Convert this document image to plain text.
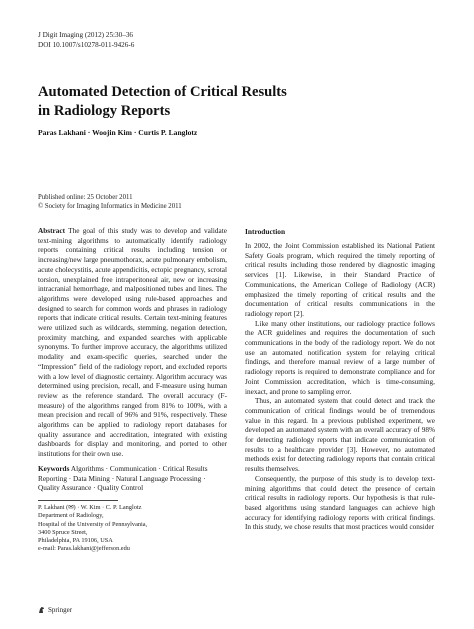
J Digit Imaging (2012) 25:30–36
DOI 10.1007/s10278-011-9426-6
Automated Detection of Critical Results
in Radiology Reports
Paras Lakhani · Woojin Kim · Curtis P. Langlotz
Published online: 25 October 2011
© Society for Imaging Informatics in Medicine 2011

Abstract The goal of this study was to develop and validate text-mining algorithms to automatically identify radiology reports containing critical results including tension or increasing/new large pneumothorax, acute pulmonary embolism, acute cholecystitis, acute appendicitis, ectopic pregnancy, scrotal torsion, unexplained free intraperitoneal air, new or increasing intracranial hemorrhage, and malpositioned tubes and lines. The algorithms were developed using rule-based approaches and designed to search for common words and phrases in radiology reports that indicate critical results. Certain text-mining features were utilized such as wildcards, stemming, negation detection, proximity matching, and expanded searches with applicable synonyms. To further improve accuracy, the algorithms utilized modality and exam-specific queries, searched under the “Impression” field of the radiology report, and excluded reports with a low level of diagnostic certainty. Algorithm accuracy was determined using precision, recall, and F-measure using human review as the reference standard. The overall accuracy (F-measure) of the algorithms ranged from 81% to 100%, with a mean precision and recall of 96% and 91%, respectively. These algorithms can be applied to radiology report databases for quality assurance and accreditation, integrated with existing dashboards for display and monitoring, and ported to other institutions for their own use.

Keywords Algorithms · Communication · Critical Results Reporting · Data Mining · Natural Language Processing · Quality Assurance · Quality Control

P. Lakhani (✉) · W. Kim · C. P. Langlotz
Department of Radiology,
Hospital of the University of Pennsylvania,
3400 Spruce Street,
Philadelphia, PA 19106, USA
e-mail: Paras.lakhani@jefferson.edu
Springer
Introduction

In 2002, the Joint Commission established its National Patient Safety Goals program, which required the timely reporting of critical results including those rendered by diagnostic imaging services [1]. Likewise, in their Standard Practice of Communications, the American College of Radiology (ACR) emphasized the timely reporting of critical results and the documentation of critical results communications in the radiology report [2].

Like many other institutions, our radiology practice follows the ACR guidelines and requires the documentation of such communications in the body of the radiology report. We do not use an automated notification system for relaying critical findings, and therefore manual review of a large number of radiology reports is required to demonstrate compliance and for Joint Commission accreditation, which is time-consuming, inexact, and prone to sampling error.

Thus, an automated system that could detect and track the communication of critical findings would be of tremendous value in this regard. In a previous published experiment, we developed an automated system with an overall accuracy of 98% for detecting radiology reports that indicate communication of results to a healthcare provider [3]. However, no automated methods exist for detecting radiology reports that contain critical results themselves.

Consequently, the purpose of this study is to develop text-mining algorithms that could detect the presence of certain critical results in radiology reports. Our hypothesis is that rule-based algorithms using standard languages can achieve high accuracy for identifying radiology reports with critical findings. In this study, we chose results that most practices would consider
